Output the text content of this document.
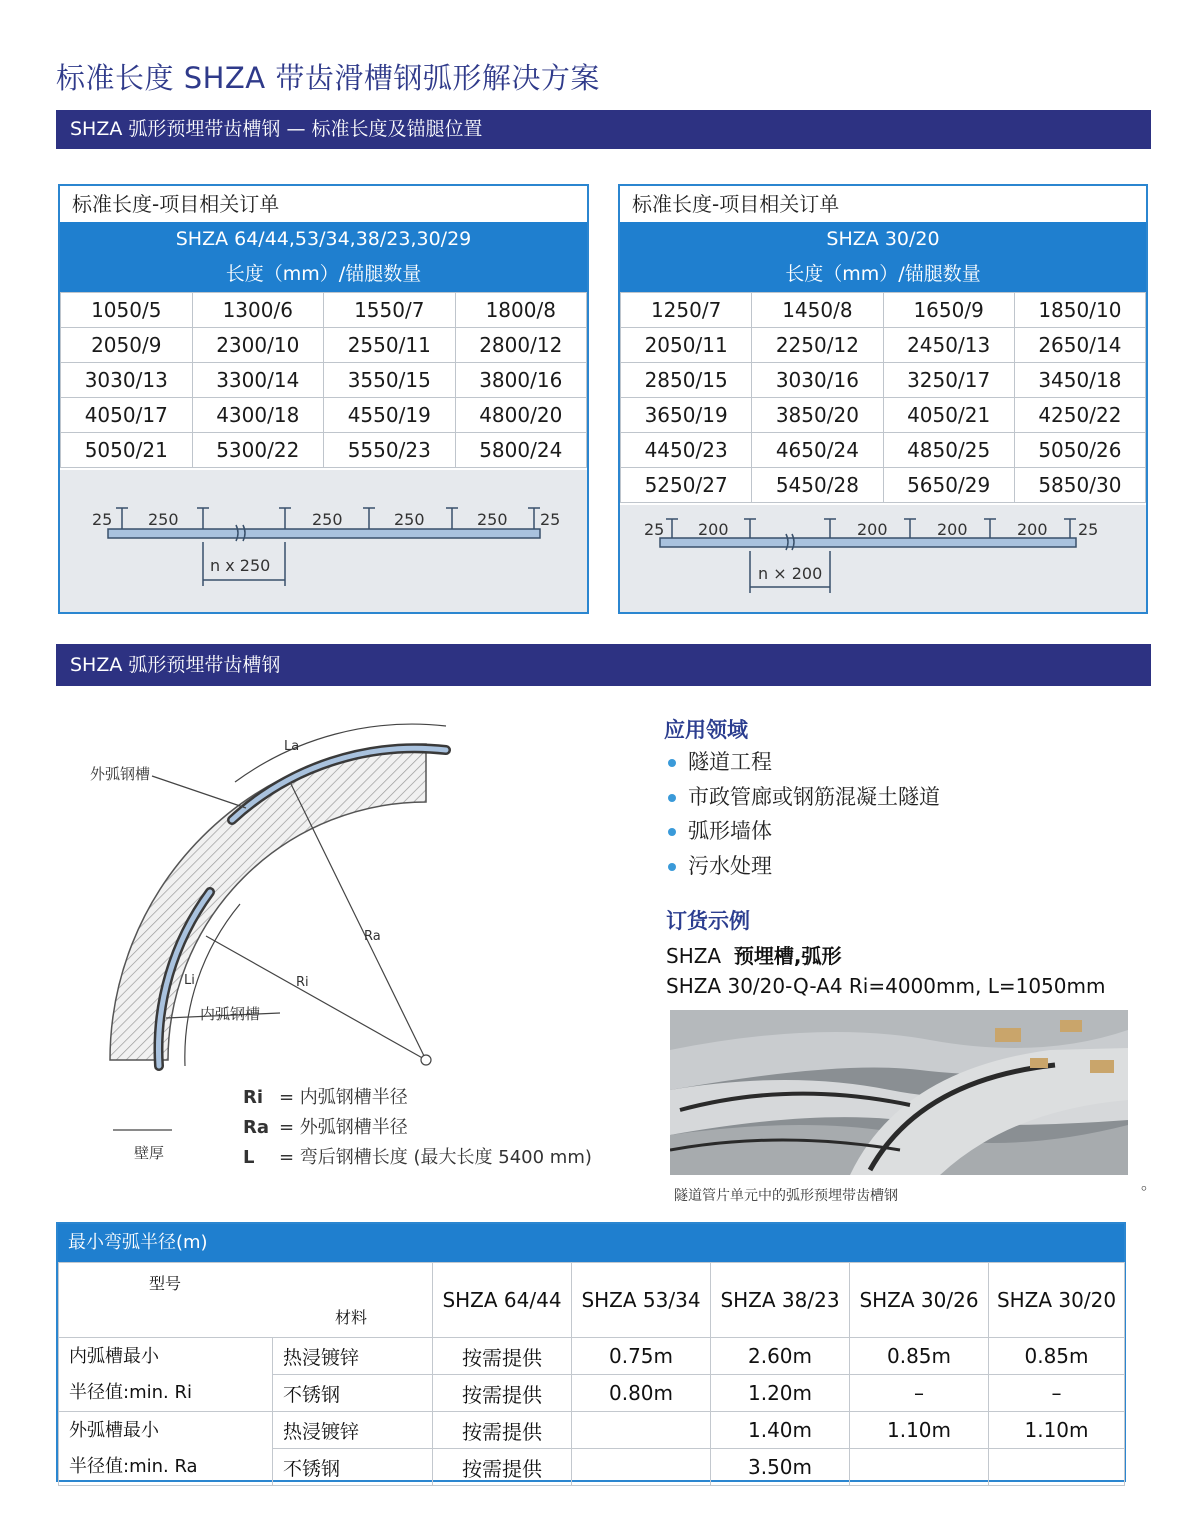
标准长度 SHZA 带齿滑槽钢弧形解决方案
SHZA 弧形预埋带齿槽钢 — 标准长度及锚腿位置
标准长度-项目相关订单
SHZA 64/44,53/34,38/23,30/29
长度（mm）/锚腿数量
1050/5	1300/6	1550/7	1800/8
2050/9	2300/10	2550/11	2800/12
3030/13	3300/14	3550/15	3800/16
4050/17	4300/18	4550/19	4800/20
5050/21	5300/22	5550/23	5800/24
25 250	250	250	250 25
n x 250
标准长度-项目相关订单
SHZA 30/20
长度（mm）/锚腿数量
1250/7	1450/8	1650/9	1850/10
2050/11	2250/12	2450/13	2650/14
2850/15	3030/16	3250/17	3450/18
3650/19	3850/20	4050/21	4250/22
4450/23	4650/24	4850/25	5050/26
5250/27	5450/28	5650/29	5850/30
25 200	200	200	200 25
n × 200
SHZA 弧形预埋带齿槽钢
外弧钢槽
内弧钢槽
壁厚
La
Li
Ra
Ri
Ri = 内弧钢槽半径
Ra = 外弧钢槽半径
L = 弯后钢槽长度 (最大长度 5400 mm)
应用领域
隧道工程
市政管廊或钢筋混凝土隧道
弧形墙体
污水处理
订货示例
SHZA 预埋槽,弧形
SHZA 30/20-Q-A4 Ri=4000mm, L=1050mm
隧道管片单元中的弧形预埋带齿槽钢
。
最小弯弧半径(m)
型号
材料		SHZA 64/44	SHZA 53/34	SHZA 38/23	SHZA 30/26	SHZA 30/20

内弧槽最小
半径值:min. Ri	热浸镀锌	按需提供	0.75m	2.60m	0.85m	0.85m
	不锈钢	按需提供	0.80m	1.20m	–	–

外弧槽最小
半径值:min. Ra	热浸镀锌	按需提供		1.40m	1.10m	1.10m
	不锈钢	按需提供		3.50m		
